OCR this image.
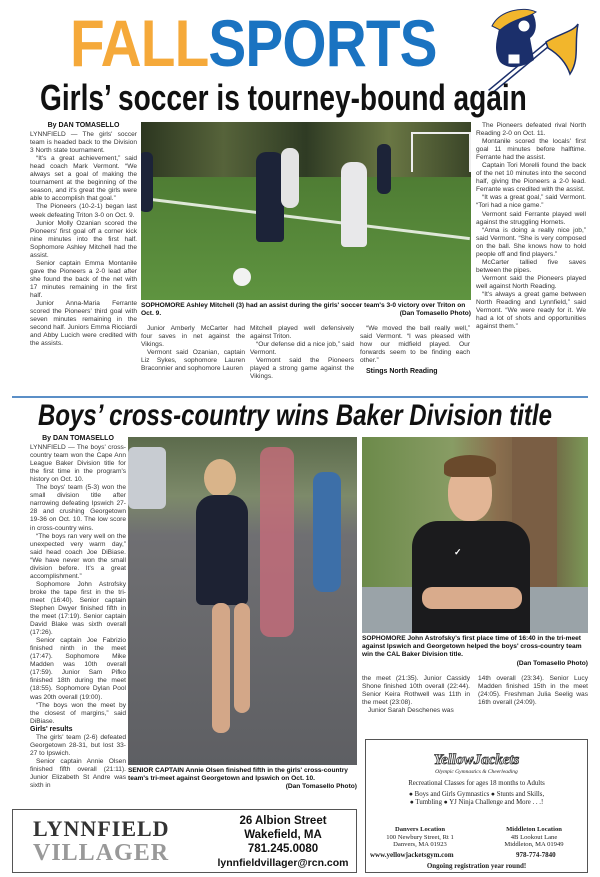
FALLSPORTS
Girls’ soccer is tourney-bound again
By DAN TOMASELLO

LYNNFIELD — The girls' soccer team is headed back to the Division 3 North state tournament.

“It's a great achievement,” said head coach Mark Vermont. “We always set a goal of making the tournament at the beginning of the season, and it's great the girls were able to accomplish that goal.”

The Pioneers (10-2-1) began last week defeating Triton 3-0 on Oct. 9.

Junior Molly Ozanian scored the Pioneers' first goal off a corner kick nine minutes into the first half. Sophomore Ashley Mitchell had the assist.

Senior captain Emma Montanile gave the Pioneers a 2-0 lead after she found the back of the net with 17 minutes remaining in the first half.

Junior Anna-Maria Ferrante scored the Pioneers' third goal with seven minutes remaining in the second half. Juniors Emma Ricciardi and Abby Lucich were credited with the assists.

SOPHOMORE Ashley Mitchell (3) had an assist during the girls' soccer team's 3-0 victory over Triton on Oct. 9.	(Dan Tomasello Photo)

Junior Amberly McCarter had four saves in net against the Vikings.

Vermont said Ozanian, captain Liz Sykes, sophomore Lauren Braconnier and sophomore Lauren

Mitchell played well defensively against Triton.

“Our defense did a nice job,” said Vermont.

Vermont said the Pioneers played a strong game against the Vikings.

“We moved the ball really well,” said Vermont. “I was pleased with how our midfield played. Our forwards seem to be finding each other.”

Stings North Reading

The Pioneers defeated rival North Reading 2-0 on Oct. 11.

Montanile scored the locals' first goal 11 minutes before halftime. Ferrante had the assist.

Captain Tori Morelli found the back of the net 10 minutes into the second half, giving the Pioneers a 2-0 lead. Ferrante was credited with the assist.

“It was a great goal,” said Vermont. “Tori had a nice game.”

Vermont said Ferrante played well against the struggling Hornets.

“Anna is doing a really nice job,” said Vermont. “She is very composed on the ball. She knows how to hold people off and find players.”

McCarter tallied five saves between the pipes.

Vermont said the Pioneers played well against North Reading.

“It's always a great game between North Reading and Lynnfield,” said Vermont. “We were ready for it. We had a lot of shots and opportunities against them.”

Boys’ cross-country wins Baker Division title
By DAN TOMASELLO

LYNNFIELD — The boys' cross-country team won the Cape Ann League Baker Division title for the first time in the program's history on Oct. 10.

The boys' team (5-3) won the small division title after narrowing defeating Ipswich 27-28 and crushing Georgetown 19-36 on Oct. 10. The low score in cross-country wins.

“The boys ran very well on the unexpected very warm day,” said head coach Joe DiBiase. “We have never won the small division before. It's a great accomplishment.”

Sophomore John Astrofsky broke the tape first in the tri-meet (16:40). Senior captain Stephen Dwyer finished fifth in the meet (17:19). Senior captain David Blake was sixth overall (17:26).

Senior captain Joe Fabrizio finished ninth in the meet (17:47). Sophomore Mike Madden was 10th overall (17:59). Junior Sam Pifko finished 18th during the meet (18:55). Sophomore Dylan Pool was 20th overall (19:00).

“The boys won the meet by the closest of margins,” said DiBiase.

Girls' results

The girls' team (2-6) defeated Georgetown 28-31, but lost 33-27 to Ipswich.

Senior captain Annie Olsen finished fifth overall (21:11). Junior Elizabeth St Andre was sixth in

SENIOR CAPTAIN Annie Olsen finished fifth in the girls' cross-country team's tri-meet against Georgetown and Ipswich on Oct. 10.
(Dan Tomasello Photo)
✓
SOPHOMORE John Astrofsky's first place time of 16:40 in the tri-meet against Ipswich and Georgetown helped the boys' cross-country team win the CAL Baker Division title.
(Dan Tomasello Photo)

the meet (21:35). Junior Cassidy Shone finished 10th overall (22:44). Senior Keira Rothwell was 11th in the meet (23:08).

Junior Sarah Deschenes was

14th overall (23:34). Senior Lucy Madden finished 15th in the meet (24:05). Freshman Julia Seelig was 16th overall (24:09).

LYNNFIELD
VILLAGER
26 Albion Street
Wakefield, MA
781.245.0080
lynnfieldvillager@rcn.com
YellowJackets
Olympic Gymnastics & Cheerleading
Recreational Classes for ages 18 months to Adults
● Boys and Girls Gymnastics ● Stunts and Skills,
● Tumbling ● YJ Ninja Challenge and More . . .!
Danvers Location
100 Newbury Street, Rt 1
Danvers, MA 01923
Middleton Location
4B Lookout Lane
Middleton, MA 01949
www.yellowjacketsgym.com	978-774-7840
Ongoing registration year round!
